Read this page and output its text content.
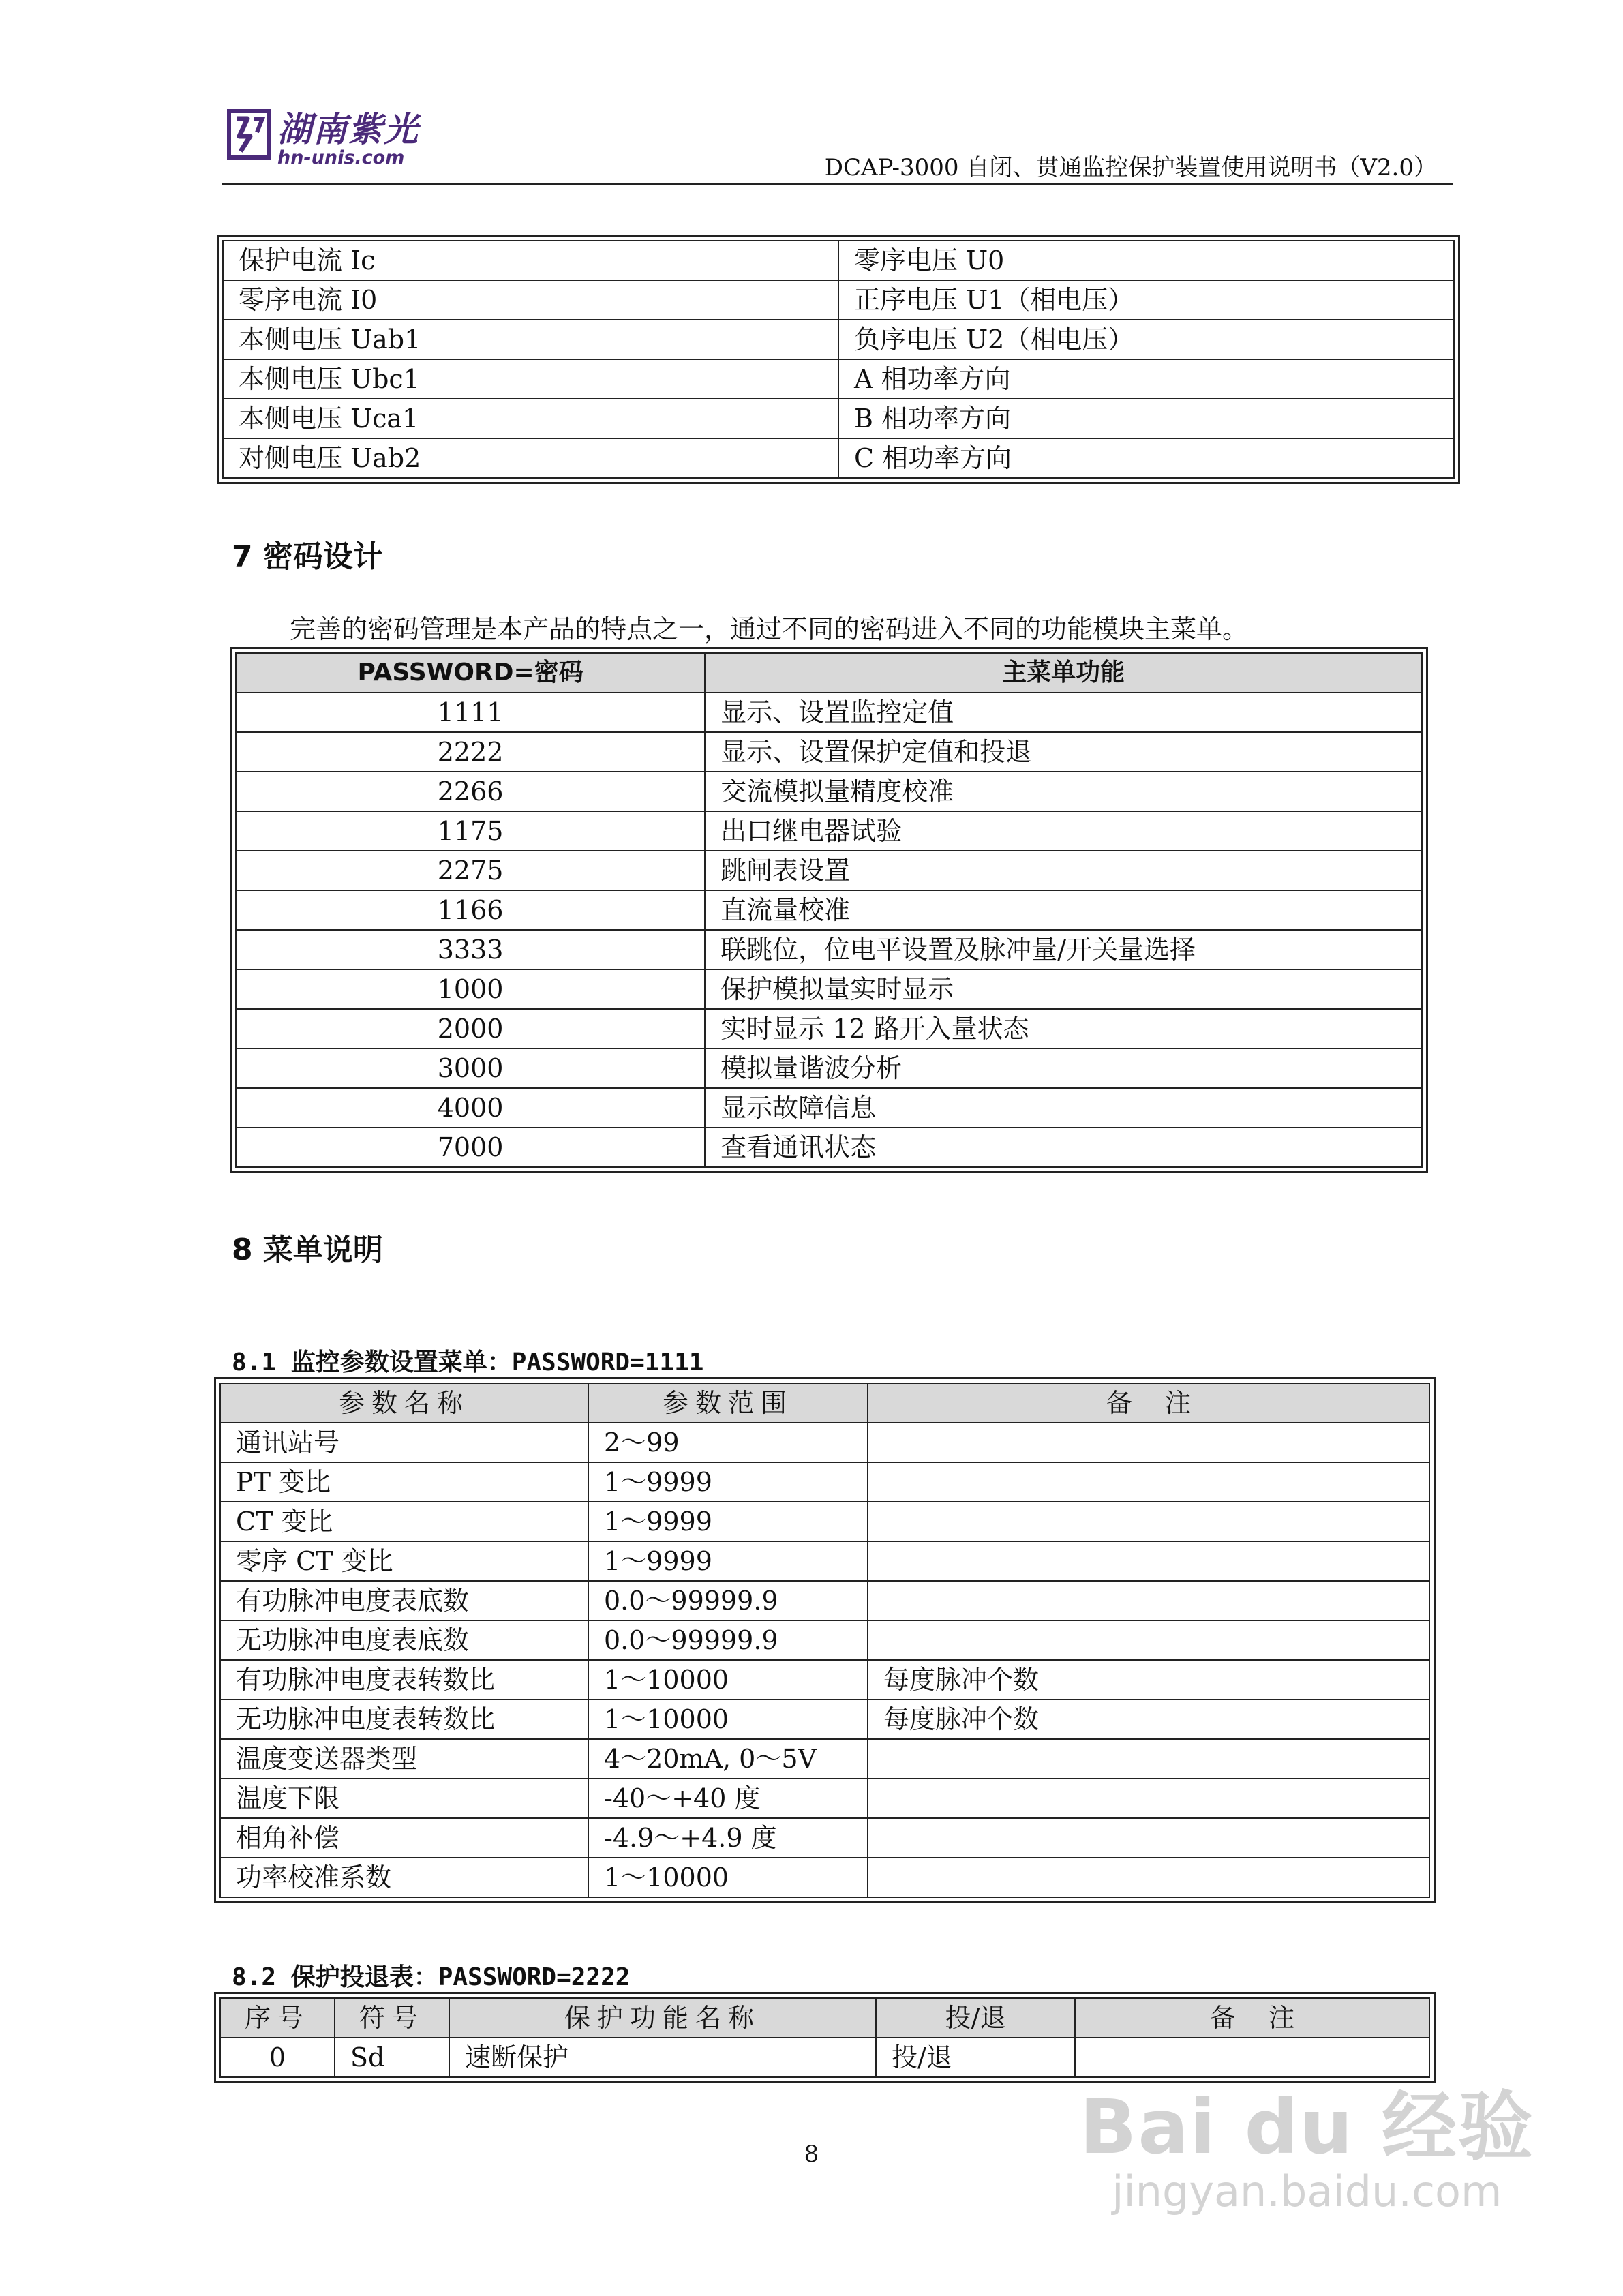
湖南紫光
hn-unis.com	DCAP-3000 自闭、贯通监控保护装置使用说明书（V2.0）
保护电流 Ic	零序电压 U0
零序电流 I0	正序电压 U1（相电压）
本侧电压 Uab1	负序电压 U2（相电压）
本侧电压 Ubc1	A 相功率方向
本侧电压 Uca1	B 相功率方向
对侧电压 Uab2	C 相功率方向
7 密码设计
完善的密码管理是本产品的特点之一，通过不同的密码进入不同的功能模块主菜单。
PASSWORD=密码	主菜单功能
1111	显示、设置监控定值
2222	显示、设置保护定值和投退
2266	交流模拟量精度校准
1175	出口继电器试验
2275	跳闸表设置
1166	直流量校准
3333	联跳位，位电平设置及脉冲量/开关量选择
1000	保护模拟量实时显示
2000	实时显示 12 路开入量状态
3000	模拟量谐波分析
4000	显示故障信息
7000	查看通讯状态
8 菜单说明
8.1 监控参数设置菜单：PASSWORD=1111
参数名称	参数范围	备    注
通讯站号	2～99	
PT 变比	1～9999	
CT 变比	1～9999	
零序 CT 变比	1～9999	
有功脉冲电度表底数	0.0～99999.9	
无功脉冲电度表底数	0.0～99999.9	
有功脉冲电度表转数比	1～10000	每度脉冲个数
无功脉冲电度表转数比	1～10000	每度脉冲个数
温度变送器类型	4～20mA, 0～5V	
温度下限	-40～+40 度	
相角补偿	-4.9～+4.9 度	
功率校准系数	1～10000	
8.2 保护投退表：PASSWORD=2222
序号	符号	保护功能名称	投/退	备    注
0	Sd	速断保护	投/退	
8	Bai du 经验
jingyan.baidu.com
